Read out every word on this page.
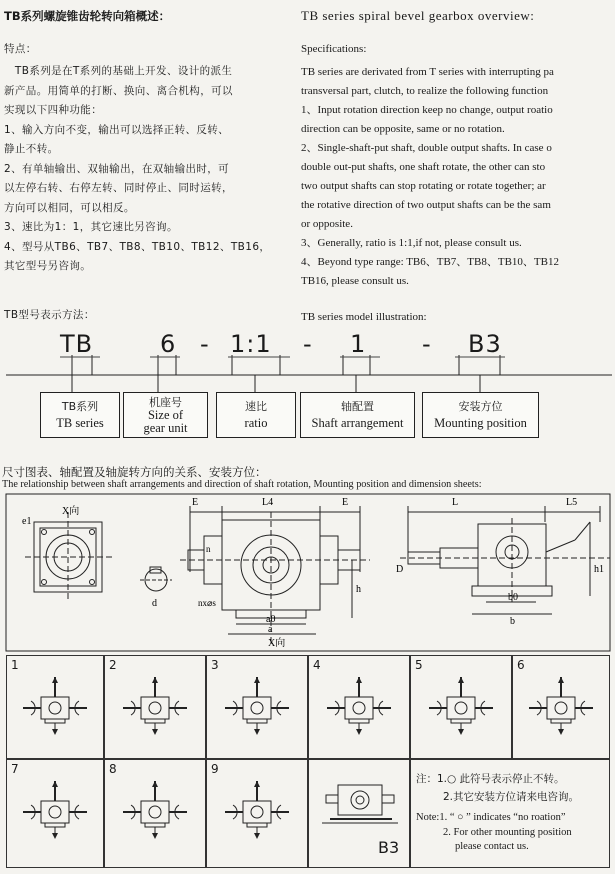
TB系列螺旋锥齿轮转向箱概述：
特点：
　TB系列是在T系列的基础上开发、设计的派生
新产品。用简单的打断、换向、离合机构，可以
实现以下四种功能：
1、输入方向不变，输出可以选择正转、反转、
静止不转。
2、有单轴输出、双轴输出，在双轴输出时，可
以左停右转、右停左转、同时停止、同时运转，
方向可以相同，可以相反。
3、速比为1：1，其它速比另咨询。
4、型号从TB6、TB7、TB8、TB10、TB12、TB16，
其它型号另咨询。
TB型号表示方法：
TB series spiral bevel gearbox overview:
Specifications:
TB series are derivated from T series with interrupting pa
transversal part, clutch, to realize the following function
1、Input rotation direction keep no change, output roatio
direction can be opposite, same or no rotation.
2、Single-shaft-put shaft, double output shafts. In case o
double out-put shafts, one shaft rotate, the other can sto
two output shafts can stop rotating or rotate together; ar
the rotative direction of two output shafts can be the sam
or opposite.
3、Generally, ratio is 1:1,if not, please consult us.
4、Beyond type range: TB6、TB7、TB8、TB10、TB12
TB16, please consult us.
TB series model illustration:
TB	6 - 1:1 - 1 - B3
TB系列
TB series
机座号
Size of
gear unit
速比
ratio
轴配置
Shaft arrangement
安装方位
Mounting position
尺寸图表、轴配置及轴旋转方向的关系、安装方位：
The relationship between shaft arrangements and direction of shaft rotation, Mounting position and dimension sheets:
X向
e1
d
E	L4	E
n
h
nx⌀s
a0
a
X向
L	L5
D	h1
b0
b
1	2	3	4	5	6
7	8	9
B3
注：1.○ 此符号表示停止不转。
2.其它安装方位请来电咨询。
Note:1. “ ○ ” indicates “no roation”
2. For other mounting position
please contact us.
